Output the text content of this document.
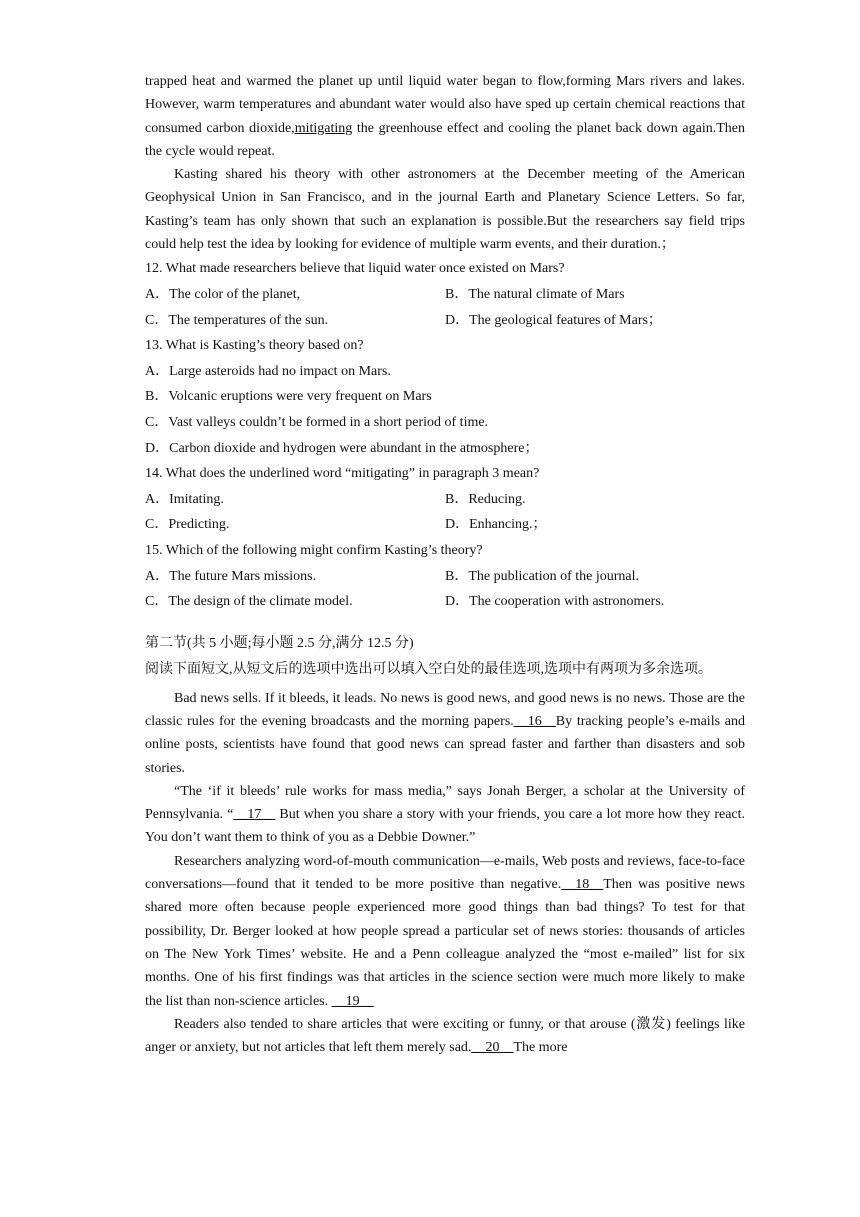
trapped heat and warmed the planet up until liquid water began to flow,forming Mars rivers and lakes. However, warm temperatures and abundant water would also have sped up certain chemical reactions that consumed carbon dioxide,mitigating the greenhouse effect and cooling the planet back down again.Then the cycle would repeat.

Kasting shared his theory with other astronomers at the December meeting of the American Geophysical Union in San Francisco, and in the journal Earth and Planetary Science Letters. So far, Kasting’s team has only shown that such an explanation is possible.But the researchers say field trips could help test the idea by looking for evidence of multiple warm events, and their duration.；

12. What made researchers believe that liquid water once existed on Mars?

A．The color of the planet,	B．The natural climate of Mars
C．The temperatures of the sun.	D．The geological features of Mars；

13. What is Kasting’s theory based on?

A．Large asteroids had no impact on Mars.

B．Volcanic eruptions were very frequent on Mars

C．Vast valleys couldn’t be formed in a short period of time.

D．Carbon dioxide and hydrogen were abundant in the atmosphere；

14. What does the underlined word “mitigating” in paragraph 3 mean?

A．Imitating.	B．Reducing.
C．Predicting.	D．Enhancing.；

15. Which of the following might confirm Kasting’s theory?

A．The future Mars missions.	B．The publication of the journal.
C．The design of the climate model.	D．The cooperation with astronomers.

第二节(共 5 小题;每小题 2.5 分,满分 12.5 分)

阅读下面短文,从短文后的选项中选出可以填入空白处的最佳选项,选项中有两项为多余选项。

Bad news sells. If it bleeds, it leads. No news is good news, and good news is no news. Those are the classic rules for the evening broadcasts and the morning papers.__16__By tracking people’s e-mails and online posts, scientists have found that good news can spread faster and farther than disasters and sob stories.

“The ‘if it bleeds’ rule works for mass media,” says Jonah Berger, a scholar at the University of Pennsylvania. “__17__ But when you share a story with your friends, you care a lot more how they react. You don’t want them to think of you as a Debbie Downer.”

Researchers analyzing word-of-mouth communication—e-mails, Web posts and reviews, face-to-face conversations—found that it tended to be more positive than negative.__18__Then was positive news shared more often because people experienced more good things than bad things? To test for that possibility, Dr. Berger looked at how people spread a particular set of news stories: thousands of articles on The New York Times’ website. He and a Penn colleague analyzed the “most e-mailed” list for six months. One of his first findings was that articles in the science section were much more likely to make the list than non-science articles. __19__

Readers also tended to share articles that were exciting or funny, or that arouse (激发) feelings like anger or anxiety, but not articles that left them merely sad.__20__The more
